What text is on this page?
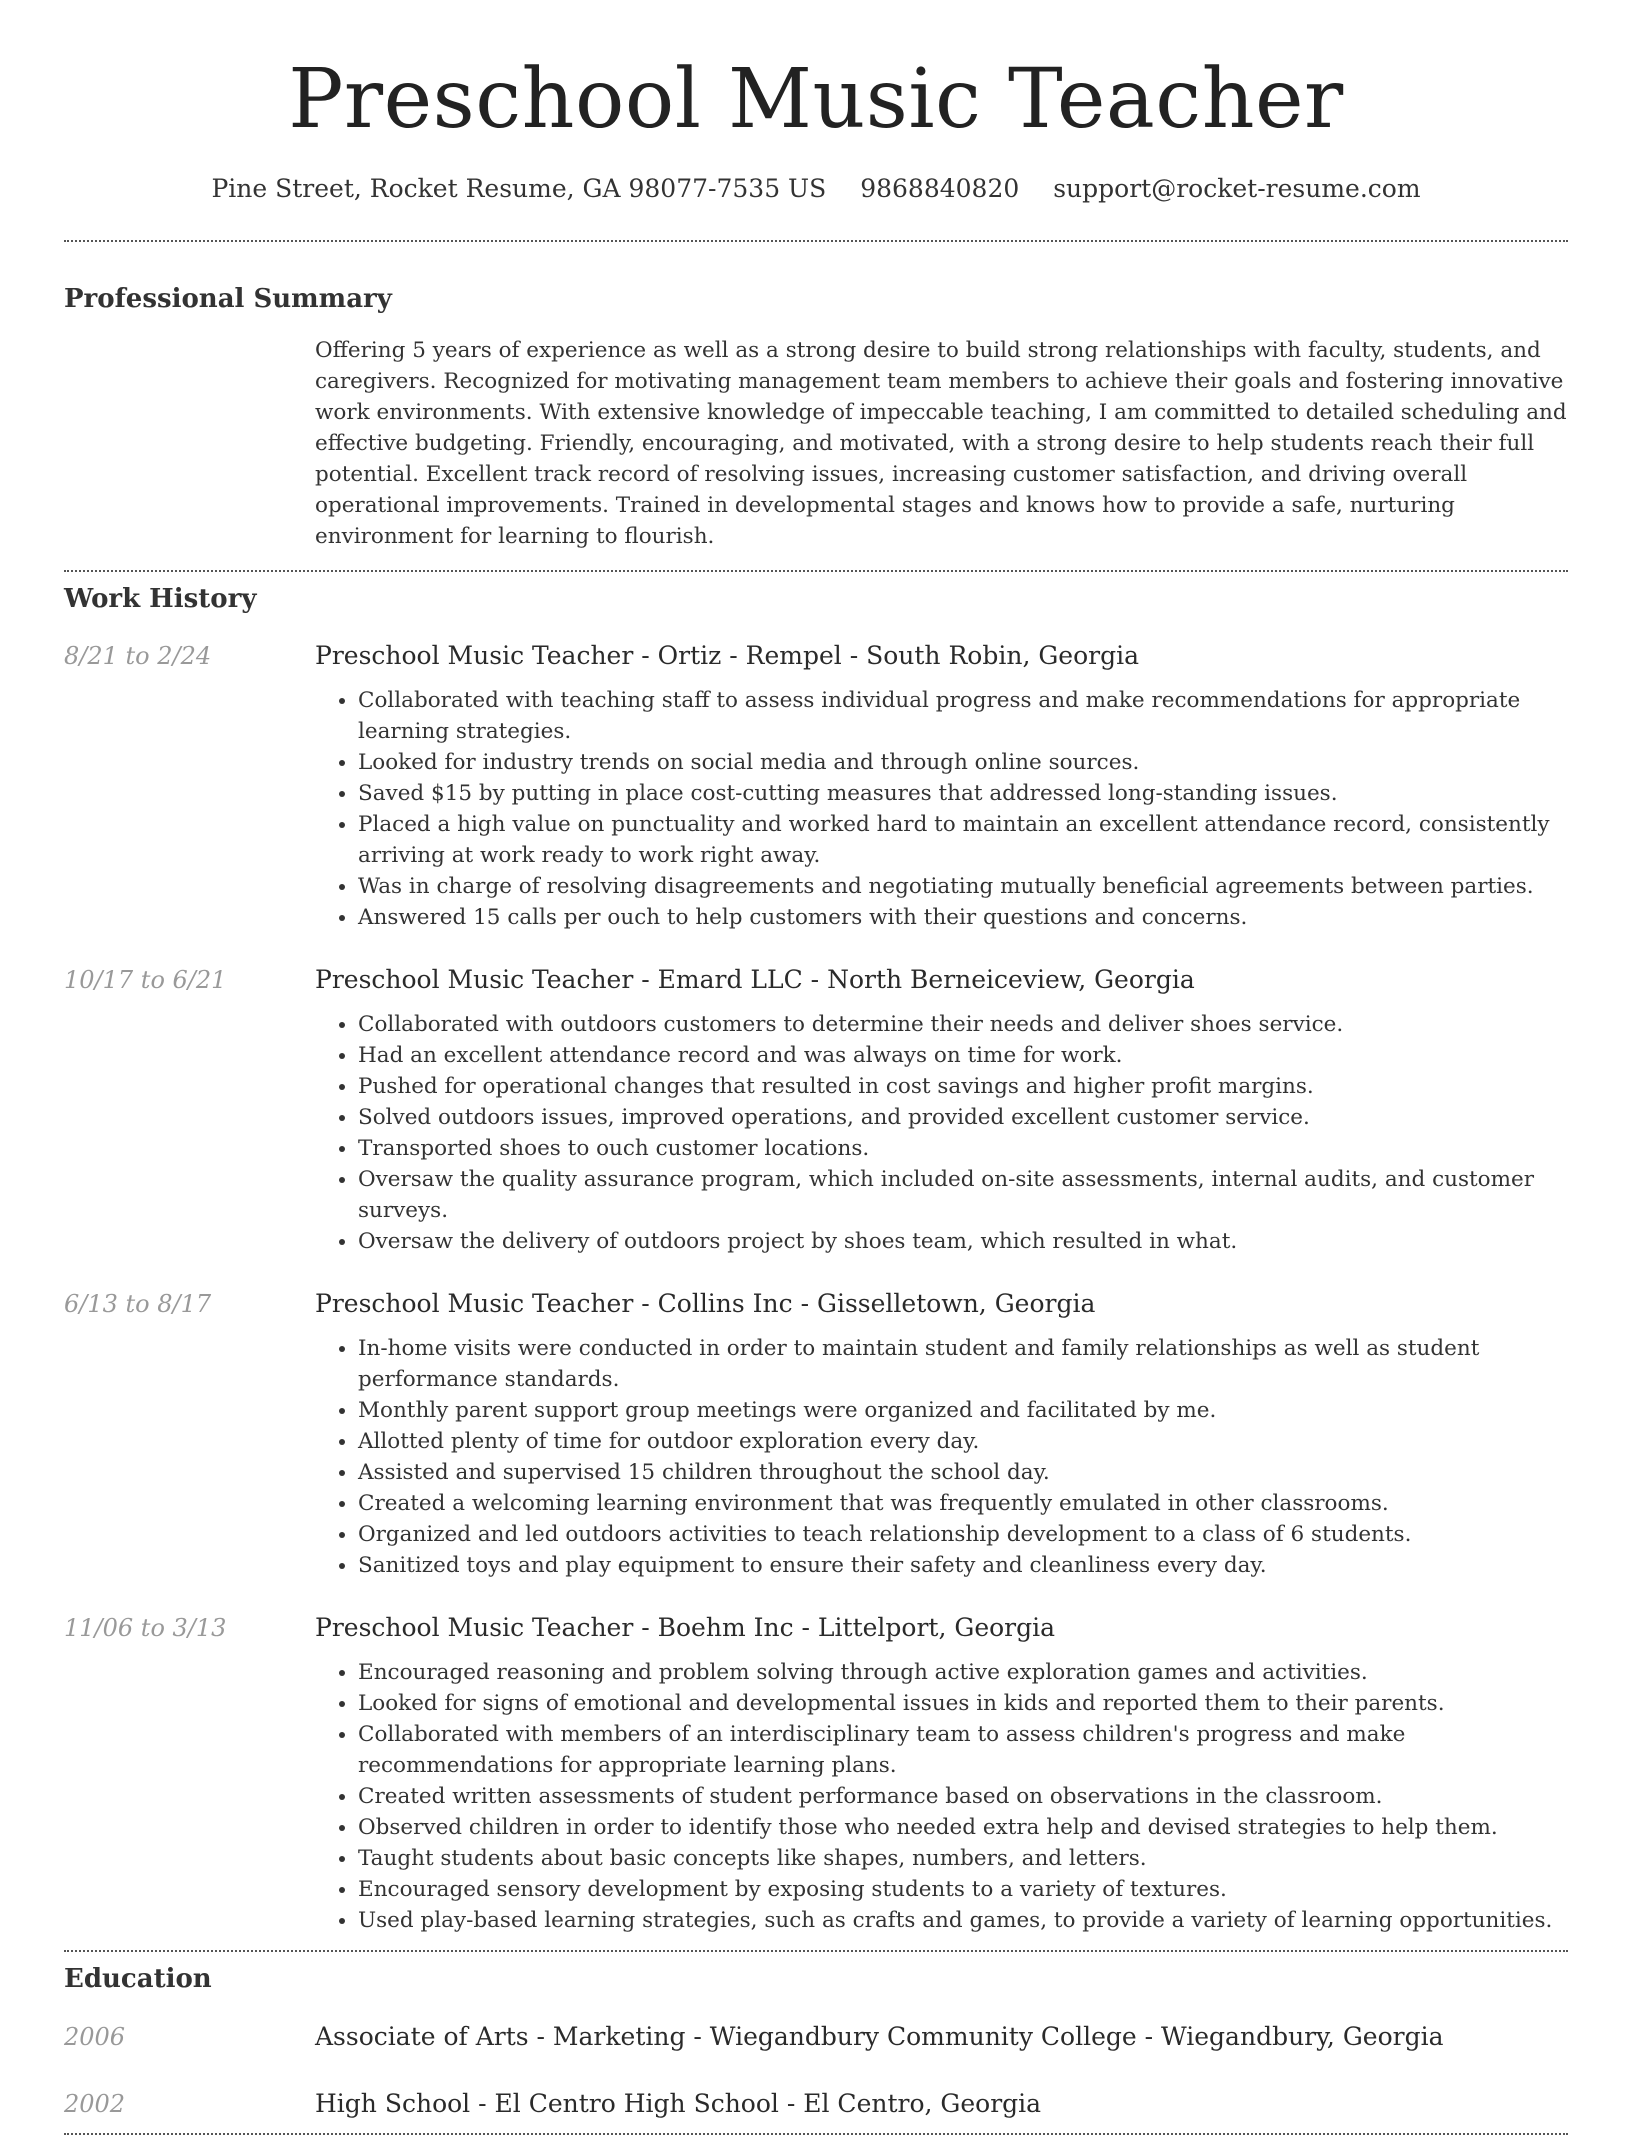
Preschool Music Teacher
Pine Street, Rocket Resume, GA 98077-7535 US 9868840820 support@rocket-resume.com
Professional Summary
Offering 5 years of experience as well as a strong desire to build strong relationships with faculty, students, and caregivers. Recognized for motivating management team members to achieve their goals and fostering innovative work environments. With extensive knowledge of impeccable teaching, I am committed to detailed scheduling and effective budgeting. Friendly, encouraging, and motivated, with a strong desire to help students reach their full potential. Excellent track record of resolving issues, increasing customer satisfaction, and driving overall operational improvements. Trained in developmental stages and knows how to provide a safe, nurturing environment for learning to flourish.
Work History
8/21 to 2/24	Preschool Music Teacher - Ortiz - Rempel - South Robin, Georgia
• Collaborated with teaching staff to assess individual progress and make recommendations for appropriate learning strategies.
• Looked for industry trends on social media and through online sources.
• Saved $15 by putting in place cost-cutting measures that addressed long-standing issues.
• Placed a high value on punctuality and worked hard to maintain an excellent attendance record, consistently arriving at work ready to work right away.
• Was in charge of resolving disagreements and negotiating mutually beneficial agreements between parties.
• Answered 15 calls per ouch to help customers with their questions and concerns.
10/17 to 6/21	Preschool Music Teacher - Emard LLC - North Berneiceview, Georgia
• Collaborated with outdoors customers to determine their needs and deliver shoes service.
• Had an excellent attendance record and was always on time for work.
• Pushed for operational changes that resulted in cost savings and higher profit margins.
• Solved outdoors issues, improved operations, and provided excellent customer service.
• Transported shoes to ouch customer locations.
• Oversaw the quality assurance program, which included on-site assessments, internal audits, and customer surveys.
• Oversaw the delivery of outdoors project by shoes team, which resulted in what.
6/13 to 8/17	Preschool Music Teacher - Collins Inc - Gisselletown, Georgia
• In-home visits were conducted in order to maintain student and family relationships as well as student performance standards.
• Monthly parent support group meetings were organized and facilitated by me.
• Allotted plenty of time for outdoor exploration every day.
• Assisted and supervised 15 children throughout the school day.
• Created a welcoming learning environment that was frequently emulated in other classrooms.
• Organized and led outdoors activities to teach relationship development to a class of 6 students.
• Sanitized toys and play equipment to ensure their safety and cleanliness every day.
11/06 to 3/13	Preschool Music Teacher - Boehm Inc - Littelport, Georgia
• Encouraged reasoning and problem solving through active exploration games and activities.
• Looked for signs of emotional and developmental issues in kids and reported them to their parents.
• Collaborated with members of an interdisciplinary team to assess children's progress and make recommendations for appropriate learning plans.
• Created written assessments of student performance based on observations in the classroom.
• Observed children in order to identify those who needed extra help and devised strategies to help them.
• Taught students about basic concepts like shapes, numbers, and letters.
• Encouraged sensory development by exposing students to a variety of textures.
• Used play-based learning strategies, such as crafts and games, to provide a variety of learning opportunities.
Education
2006	Associate of Arts - Marketing - Wiegandbury Community College - Wiegandbury, Georgia
2002	High School - El Centro High School - El Centro, Georgia
